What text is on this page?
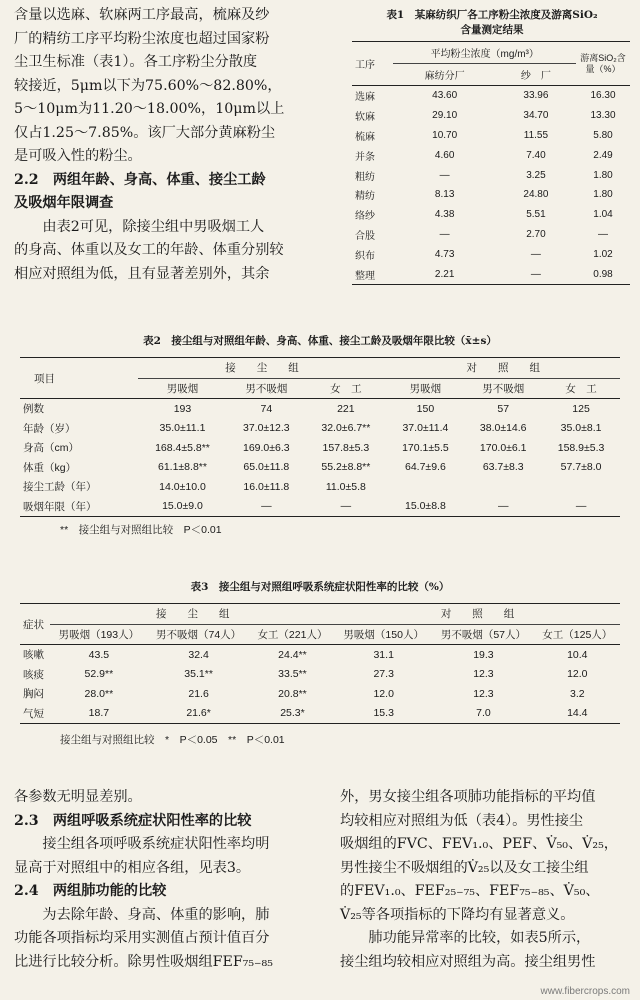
含量以选麻、软麻两工序最高，梳麻及纱

厂的精纺工序平均粉尘浓度也超过国家粉

尘卫生标准（表1）。各工序粉尘分散度

较接近，5μm以下为75.60%～82.80%，

5～10μm为11.20～18.00%，10μm以上

仅占1.25～7.85%。该厂大部分黄麻粉尘

是可吸入性的粉尘。

2.2　两组年龄、身高、体重、接尘工龄

及吸烟年限调查

由表2可见，除接尘组中男吸烟工人

的身高、体重以及女工的年龄、体重分别较

相应对照组为低，且有显著差别外，其余

表1　某麻纺织厂各工序粉尘浓度及游离SiO₂

含量测定结果

工序	平均粉尘浓度（mg/m³）		游离SiO₂含量（%）
	麻纺分厂	纱　厂	
选麻	43.60	33.96	16.30
软麻	29.10	34.70	13.30
梳麻	10.70	11.55	5.80
并条	4.60	7.40	2.49
粗纺	—	3.25	1.80
精纺	8.13	24.80	1.80
络纱	4.38	5.51	1.04
合股	—	2.70	—
织布	4.73	—	1.02
整理	2.21	—	0.98

表2　接尘组与对照组年龄、身高、体重、接尘工龄及吸烟年限比较（x̄±s）

项目	接　　尘　　组			对　　照　　组		
	男吸烟	男不吸烟	女　工	男吸烟	男不吸烟	女　工
例数	193	74	221	150	57	125
年龄（岁）	35.0±11.1	37.0±12.3	32.0±6.7**	37.0±11.4	38.0±14.6	35.0±8.1
身高（cm）	168.4±5.8**	169.0±6.3	157.8±5.3	170.1±5.5	170.0±6.1	158.9±5.3
体重（kg）	61.1±8.8**	65.0±11.8	55.2±8.8**	64.7±9.6	63.7±8.3	57.7±8.0
接尘工龄（年）	14.0±10.0	16.0±11.8	11.0±5.8			
吸烟年限（年）	15.0±9.0	—	—	15.0±8.8	—	—

**　接尘组与对照组比较　P＜0.01

表3　接尘组与对照组呼吸系统症状阳性率的比较（%）

症状	接　　尘　　组			对　　照　　组		
	男吸烟（193人）	男不吸烟（74人）	女工（221人）	男吸烟（150人）	男不吸烟（57人）	女工（125人）
咳嗽	43.5	32.4	24.4**	31.1	19.3	10.4
咳痰	52.9**	35.1**	33.5**	27.3	12.3	12.0
胸闷	28.0**	21.6	20.8**	12.0	12.3	3.2
气短	18.7	21.6*	25.3*	15.3	7.0	14.4

接尘组与对照组比较　*　P＜0.05　**　P＜0.01

各参数无明显差别。

2.3　两组呼吸系统症状阳性率的比较

接尘组各项呼吸系统症状阳性率均明

显高于对照组中的相应各组，见表3。

2.4　两组肺功能的比较

为去除年龄、身高、体重的影响，肺

功能各项指标均采用实测值占预计值百分

比进行比较分析。除男性吸烟组FEF₇₅₋₈₅

外，男女接尘组各项肺功能指标的平均值

均较相应对照组为低（表4）。男性接尘

吸烟组的FVC、FEV₁.₀、PEF、V̇₅₀、V̇₂₅，

男性接尘不吸烟组的V̇₂₅以及女工接尘组

的FEV₁.₀、FEF₂₅₋₇₅、FEF₇₅₋₈₅、V̇₅₀、

V̇₂₅等各项指标的下降均有显著意义。

肺功能异常率的比较，如表5所示，

接尘组均较相应对照组为高。接尘组男性

www.fibercrops.com
